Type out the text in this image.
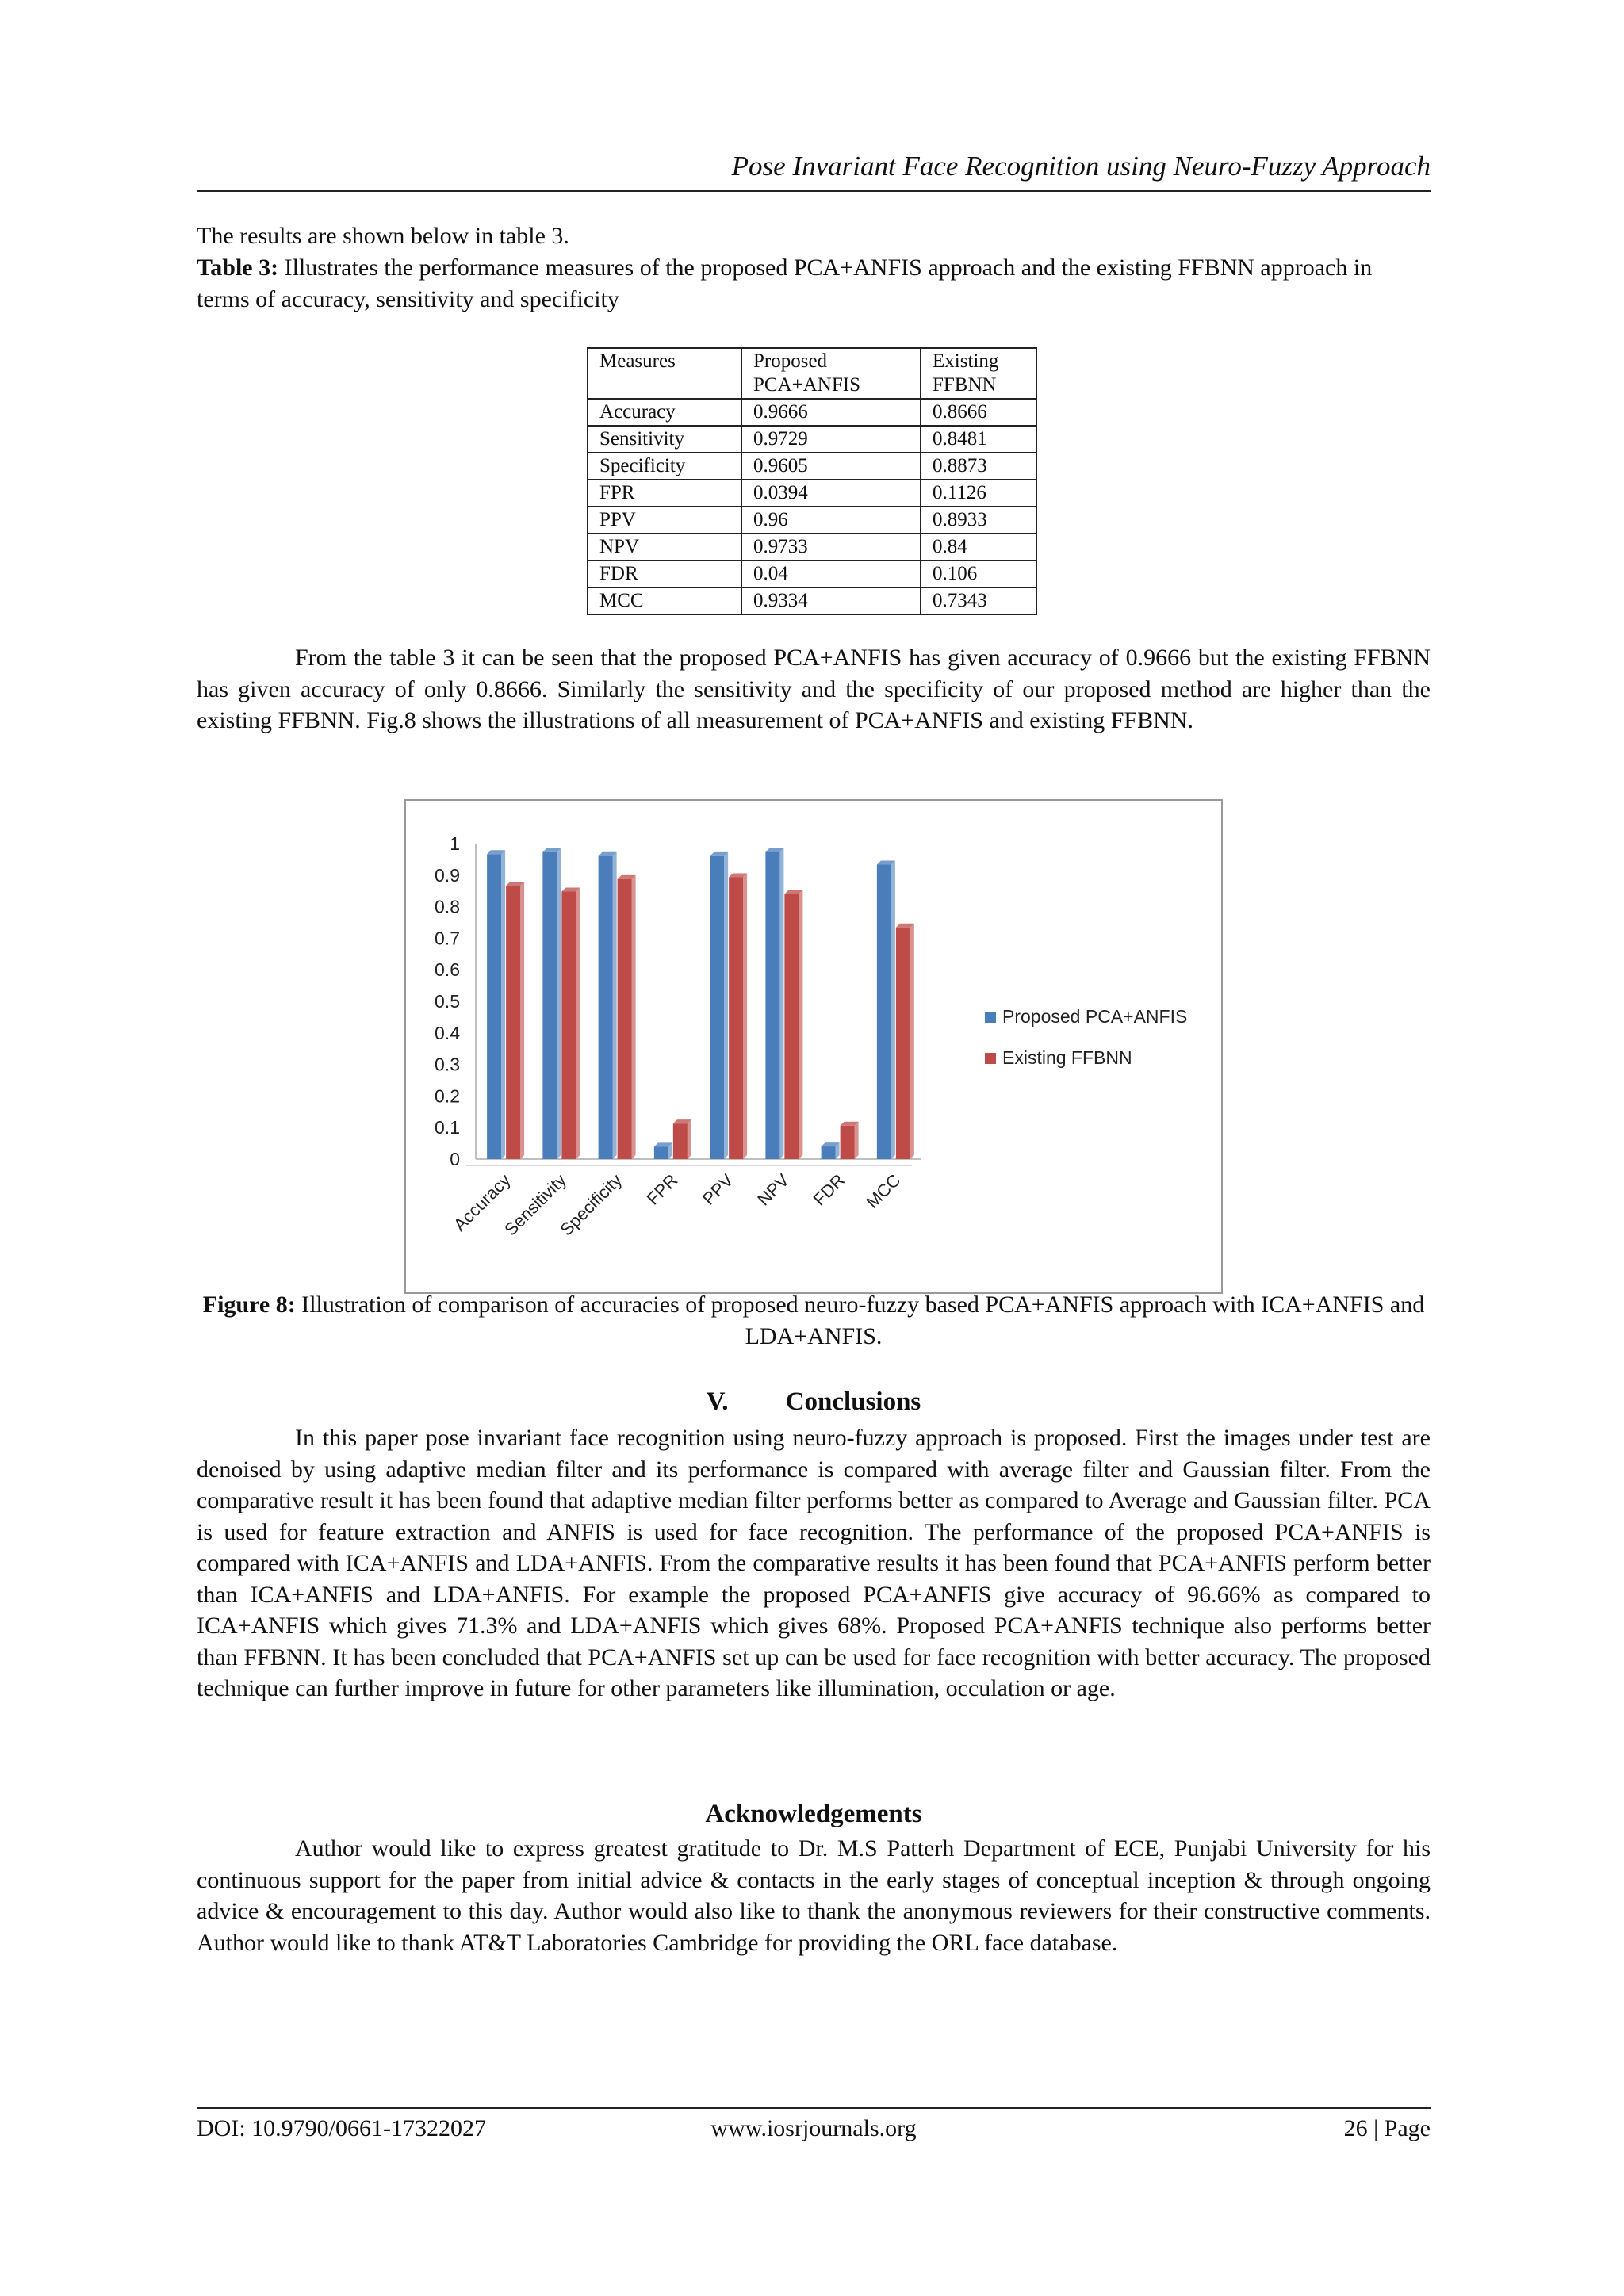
Pose Invariant Face Recognition using Neuro-Fuzzy Approach

The results are shown below in table 3.

Table 3: Illustrates the performance measures of the proposed PCA+ANFIS approach and the existing FFBNN approach in terms of accuracy, sensitivity and specificity

Measures	Proposed PCA+ANFIS	Existing FFBNN
Accuracy	0.9666	0.8666
Sensitivity	0.9729	0.8481
Specificity	0.9605	0.8873
FPR	0.0394	0.1126
PPV	0.96	0.8933
NPV	0.9733	0.84
FDR	0.04	0.106
MCC	0.9334	0.7343

From the table 3 it can be seen that the proposed PCA+ANFIS has given accuracy of 0.9666 but the existing FFBNN has given accuracy of only 0.8666. Similarly the sensitivity and the specificity of our proposed method are higher than the existing FFBNN. Fig.8 shows the illustrations of all measurement of PCA+ANFIS and existing FFBNN.

0
0.1
0.2
0.3
0.4
0.5
0.6
0.7
0.8
0.9
1
Accuracy
Sensitivity
Specificity FPR PPV NPV FDR MCC
Proposed PCA+ANFIS
Existing FFBNN

Figure 8: Illustration of comparison of accuracies of proposed neuro-fuzzy based PCA+ANFIS approach with ICA+ANFIS and LDA+ANFIS.

V. Conclusions

In this paper pose invariant face recognition using neuro-fuzzy approach is proposed. First the images under test are denoised by using adaptive median filter and its performance is compared with average filter and Gaussian filter. From the comparative result it has been found that adaptive median filter performs better as compared to Average and Gaussian filter. PCA is used for feature extraction and ANFIS is used for face recognition. The performance of the proposed PCA+ANFIS is compared with ICA+ANFIS and LDA+ANFIS. From the comparative results it has been found that PCA+ANFIS perform better than ICA+ANFIS and LDA+ANFIS. For example the proposed PCA+ANFIS give accuracy of 96.66% as compared to ICA+ANFIS which gives 71.3% and LDA+ANFIS which gives 68%. Proposed PCA+ANFIS technique also performs better than FFBNN. It has been concluded that PCA+ANFIS set up can be used for face recognition with better accuracy. The proposed technique can further improve in future for other parameters like illumination, occulation or age.

Acknowledgements

Author would like to express greatest gratitude to Dr. M.S Patterh Department of ECE, Punjabi University for his continuous support for the paper from initial advice & contacts in the early stages of conceptual inception & through ongoing advice & encouragement to this day. Author would also like to thank the anonymous reviewers for their constructive comments. Author would like to thank AT&T Laboratories Cambridge for providing the ORL face database.

DOI: 10.9790/0661-17322027	www.iosrjournals.org	26 | Page
